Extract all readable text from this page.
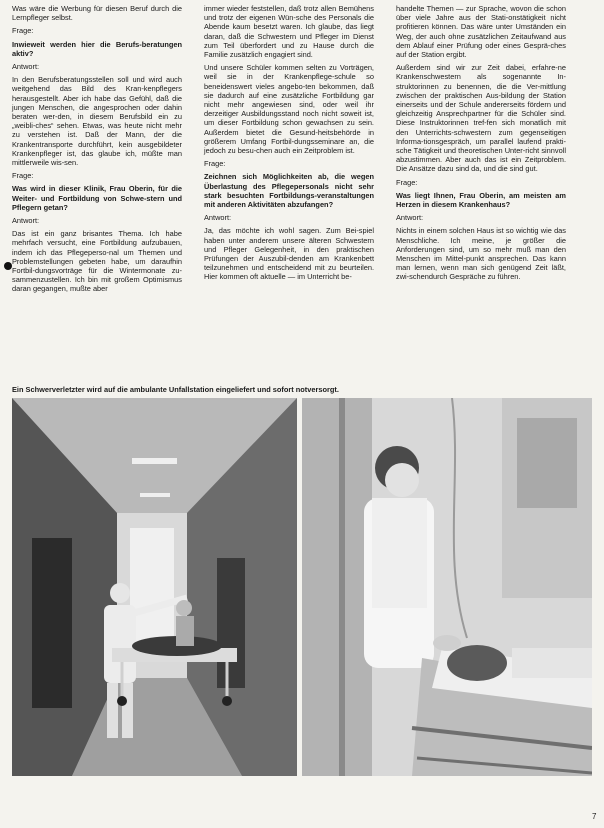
Was wäre die Werbung für diesen Beruf durch die Lernpfleger selbst.

Frage:

Inwieweit werden hier die Berufs-beratungen aktiv?

Antwort:

In den Berufsberatungsstellen soll und wird auch weitgehend das Bild des Kran-kenpflegers herausgestellt. Aber ich habe das Gefühl, daß die jungen Menschen, die angesprochen oder dahin beraten wer-den, in diesem Berufsbild ein zu „weibli-ches“ sehen. Etwas, was heute nicht mehr zu verstehen ist. Daß der Mann, der die Krankentransporte durchführt, kein ausgebildeter Krankenpfleger ist, das glaube ich, müßte man mittlerweile wis-sen.

Frage:

Was wird in dieser Klinik, Frau Oberin, für die Weiter- und Fortbildung von Schwe-stern und Pflegern getan?

Antwort:

Das ist ein ganz brisantes Thema. Ich habe mehrfach versucht, eine Fortbildung aufzubauen, indem ich das Pflegeperso-nal um Themen und Problemstellungen gebeten habe, um daraufhin Fortbil-dungsvorträge für die Wintermonate zu-sammenzustellen. Ich bin mit großem Optimismus daran gegangen, mußte aber

immer wieder feststellen, daß trotz allen Bemühens und trotz der eigenen Wün-sche des Personals die Abende kaum besetzt waren. Ich glaube, das liegt daran, daß die Schwestern und Pfleger im Dienst zum Teil überfordert und zu Hause durch die Familie zusätzlich engagiert sind.

Und unsere Schüler kommen selten zu Vorträgen, weil sie in der Krankenpflege-schule so beneidenswert vieles angebo-ten bekommen, daß sie dadurch auf eine zusätzliche Fortbildung gar nicht mehr angewiesen sind, oder weil ihr derzeitiger Ausbildungsstand noch nicht soweit ist, um dieser Fortbildung schon gewachsen zu sein. Außerdem bietet die Gesund-heitsbehörde in größerem Umfang Fortbil-dungsseminare an, die jedoch zu besu-chen auch ein Zeitproblem ist.

Frage:

Zeichnen sich Möglichkeiten ab, die wegen Überlastung des Pflegepersonals nicht sehr stark besuchten Fortbildungs-veranstaltungen mit anderen Aktivitäten abzufangen?

Antwort:

Ja, das möchte ich wohl sagen. Zum Bei-spiel haben unter anderem unsere älteren Schwestern und Pfleger Gelegenheit, in den praktischen Prüfungen der Auszubil-denden am Krankenbett teilzunehmen und entscheidend mit zu beurteilen. Hier kommen oft aktuelle — im Unterricht be-

handelte Themen — zur Sprache, wovon die schon über viele Jahre aus der Stati-onstätigkeit nicht profitieren können. Das wäre unter Umständen ein Weg, der auch ohne zusätzlichen Zeitaufwand aus dem Ablauf einer Prüfung oder eines Gesprä-ches auf der Station ergibt.

Außerdem sind wir zur Zeit dabei, erfahre-ne Krankenschwestern als sogenannte In-struktorinnen zu benennen, die die Ver-mittlung zwischen der praktischen Aus-bildung der Station einerseits und der Schule andererseits fördern und gleichzeitig Ansprechpartner für die Schüler sind. Diese Instruktorinnen tref-fen sich monatlich mit den Unterrichts-schwestern zum gegenseitigen Informa-tionsgespräch, um parallel laufend prakti-sche Tätigkeit und theoretischen Unter-richt sinnvoll abzustimmen. Aber auch das ist ein Zeitproblem. Die Ansätze dazu sind da, und die sind gut.

Frage:

Was liegt Ihnen, Frau Oberin, am meisten am Herzen in diesem Krankenhaus?

Antwort:

Nichts in einem solchen Haus ist so wichtig wie das Menschliche. Ich meine, je größer die Anforderungen sind, um so mehr muß man den Menschen im Mittel-punkt ansprechen. Das kann man lernen, wenn man sich genügend Zeit läßt, zwi-schendurch Gespräche zu führen.

Ein Schwerverletzter wird auf die ambulante Unfallstation eingeliefert und sofort notversorgt.
7
